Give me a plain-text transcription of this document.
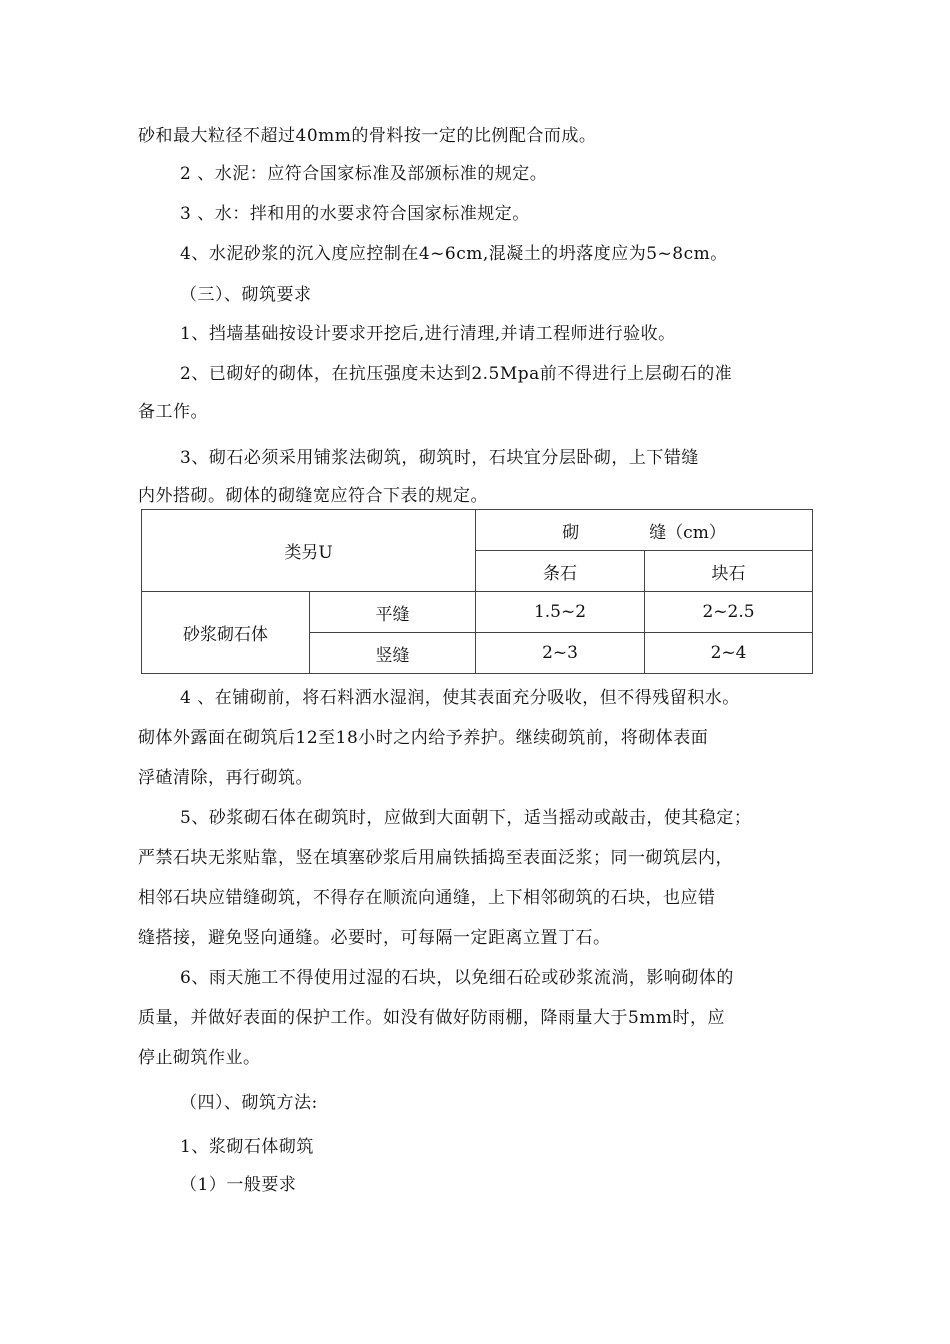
砂和最大粒径不超过40mm的骨料按一定的比例配合而成。
2 、水泥：应符合国家标准及部颁标准的规定。
3 、水：拌和用的水要求符合国家标准规定。
4、水泥砂浆的沉入度应控制在4~6cm,混凝土的坍落度应为5~8cm。
（三）、砌筑要求
1、挡墙基础按设计要求开挖后,进行清理,并请工程师进行验收。
2、已砌好的砌体，在抗压强度未达到2.5Mpa前不得进行上层砌石的准
备工作。
3、砌石必须采用铺浆法砌筑，砌筑时，石块宜分层卧砌，上下错缝
内外搭砌。砌体的砌缝宽应符合下表的规定。
类另U		砌 缝（cm）	
		条石	块石
砂浆砌石体	平缝	1.5~2	2~2.5
	竖缝	2~3	2~4
4 、在铺砌前，将石料洒水湿润，使其表面充分吸收，但不得残留积水。
砌体外露面在砌筑后12至18小时之内给予养护。继续砌筑前，将砌体表面
浮碴清除，再行砌筑。
5、砂浆砌石体在砌筑时，应做到大面朝下，适当摇动或敲击，使其稳定；
严禁石块无浆贴靠，竖在填塞砂浆后用扁铁插捣至表面泛浆；同一砌筑层内，
相邻石块应错缝砌筑，不得存在顺流向通缝，上下相邻砌筑的石块，也应错
缝搭接，避免竖向通缝。必要时，可每隔一定距离立置丁石。
6、雨天施工不得使用过湿的石块，以免细石砼或砂浆流淌，影响砌体的
质量，并做好表面的保护工作。如没有做好防雨棚，降雨量大于5mm时，应
停止砌筑作业。
（四）、砌筑方法:
1、浆砌石体砌筑
（1）一般要求
